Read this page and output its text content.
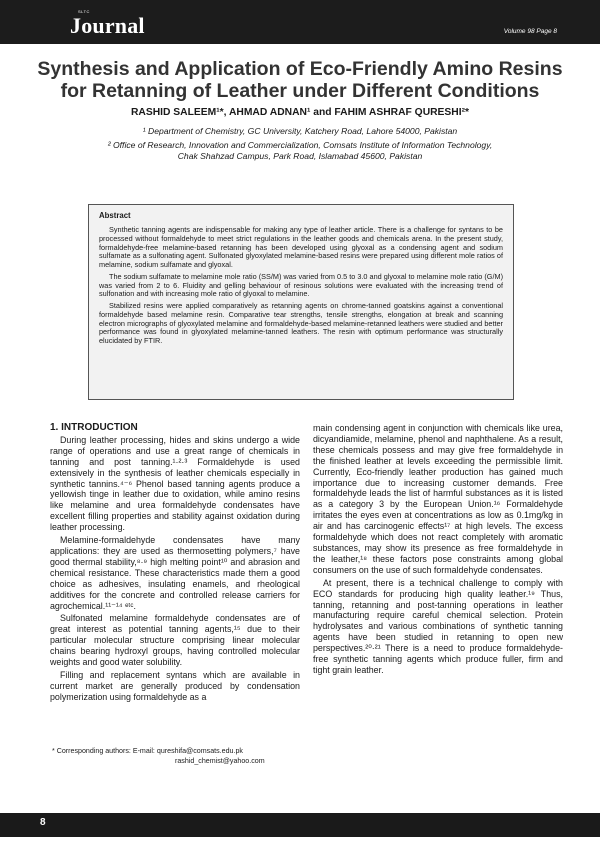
SLTC
Journal	Volume 98 Page 8
Synthesis and Application of Eco-Friendly Amino Resins for Retanning of Leather under Different Conditions
RASHID SALEEM¹*, AHMAD ADNAN¹ and FAHIM ASHRAF QURESHI²*
¹ Department of Chemistry, GC University, Katchery Road, Lahore 54000, Pakistan
² Office of Research, Innovation and Commercialization, Comsats Institute of Information Technology,
Chak Shahzad Campus, Park Road, Islamabad 45600, Pakistan
Abstract

Synthetic tanning agents are indispensable for making any type of leather article. There is a challenge for syntans to be processed without formaldehyde to meet strict regulations in the leather goods and chemicals arena. In the present study, formaldehyde-free melamine-based retanning has been developed using glyoxal as a condensing agent and sodium sulfamate as a sulfonating agent. Sulfonated glyoxylated melamine-based resins were prepared using different mole ratios of melamine, sodium sulfamate and glyoxal.

The sodium sulfamate to melamine mole ratio (SS/M) was varied from 0.5 to 3.0 and glyoxal to melamine mole ratio (G/M) was varied from 2 to 6. Fluidity and gelling behaviour of resinous solutions were evaluated with the increasing trend of sulfonation and with increasing mole ratio of glyoxal to melamine.

Stabilized resins were applied comparatively as retanning agents on chrome-tanned goatskins against a conventional formaldehyde based melamine resin. Comparative tear strengths, tensile strengths, elongation at break and scanning electron micrographs of glyoxylated melamine and formaldehyde-based melamine-retanned leathers were studied and better performance was found in glyoxylated melamine-tanned leathers. The resin with optimum performance was structurally elucidated by FTIR.

1. INTRODUCTION

During leather processing, hides and skins undergo a wide range of operations and use a great range of chemicals in tanning and post tanning.¹·²·³ Formaldehyde is used extensively in the synthesis of leather chemicals especially in synthetic tannins.⁴⁻⁶ Phenol based tanning agents produce a yellowish tinge in leather due to oxidation, while amino resins like melamine and urea formaldehyde condensates have excellent filling properties and stability against oxidation during leather processing.

Melamine-formaldehyde condensates have many applications: they are used as thermosetting polymers,⁷ have good thermal stability,⁸·⁹ high melting point¹⁰ and abrasion and chemical resistance. These characteristics made them a good choice as adhesives, insulating enamels, and rheological additives for the concrete and controlled release carriers for agrochemical.¹¹⁻¹⁴ ᵉᵗᶜ.

Sulfonated melamine formaldehyde condensates are of great interest as potential tanning agents,¹⁵ due to their particular molecular structure comprising linear molecular chains bearing hydroxyl groups, having controlled molecular weights and good water solubility.

Filling and replacement syntans which are available in current market are generally produced by condensation polymerization using formaldehyde as a

main condensing agent in conjunction with chemicals like urea, dicyandiamide, melamine, phenol and naphthalene. As a result, these chemicals possess and may give free formaldehyde in the finished leather at levels exceeding the permissible limit. Currently, Eco-friendly leather production has gained much importance due to increasing customer demands. Free formaldehyde leads the list of harmful substances as it is listed as a category 3 by the European Union.¹⁶ Formaldehyde irritates the eyes even at concentrations as low as 0.1mg/kg in air and has carcinogenic effects¹⁷ at high levels. The excess formaldehyde which does not react completely with aromatic substances, may show its presence as free formaldehyde in the leather,¹⁸ these factors pose constraints among global consumers on the use of such formaldehyde condensates.

At present, there is a technical challenge to comply with ECO standards for producing high quality leather.¹⁹ Thus, tanning, retanning and post-tanning operations in leather manufacturing require careful chemical selection. Protein hydrolysates and various combinations of synthetic tanning agents have been studied in retanning to open new perspectives.²⁰·²¹ There is a need to produce formaldehyde-free synthetic tanning agents which produce fuller, firm and tight grain leather.

* Corresponding authors: E-mail: qureshifa@comsats.edu.pk
rashid_chemist@yahoo.com
8
